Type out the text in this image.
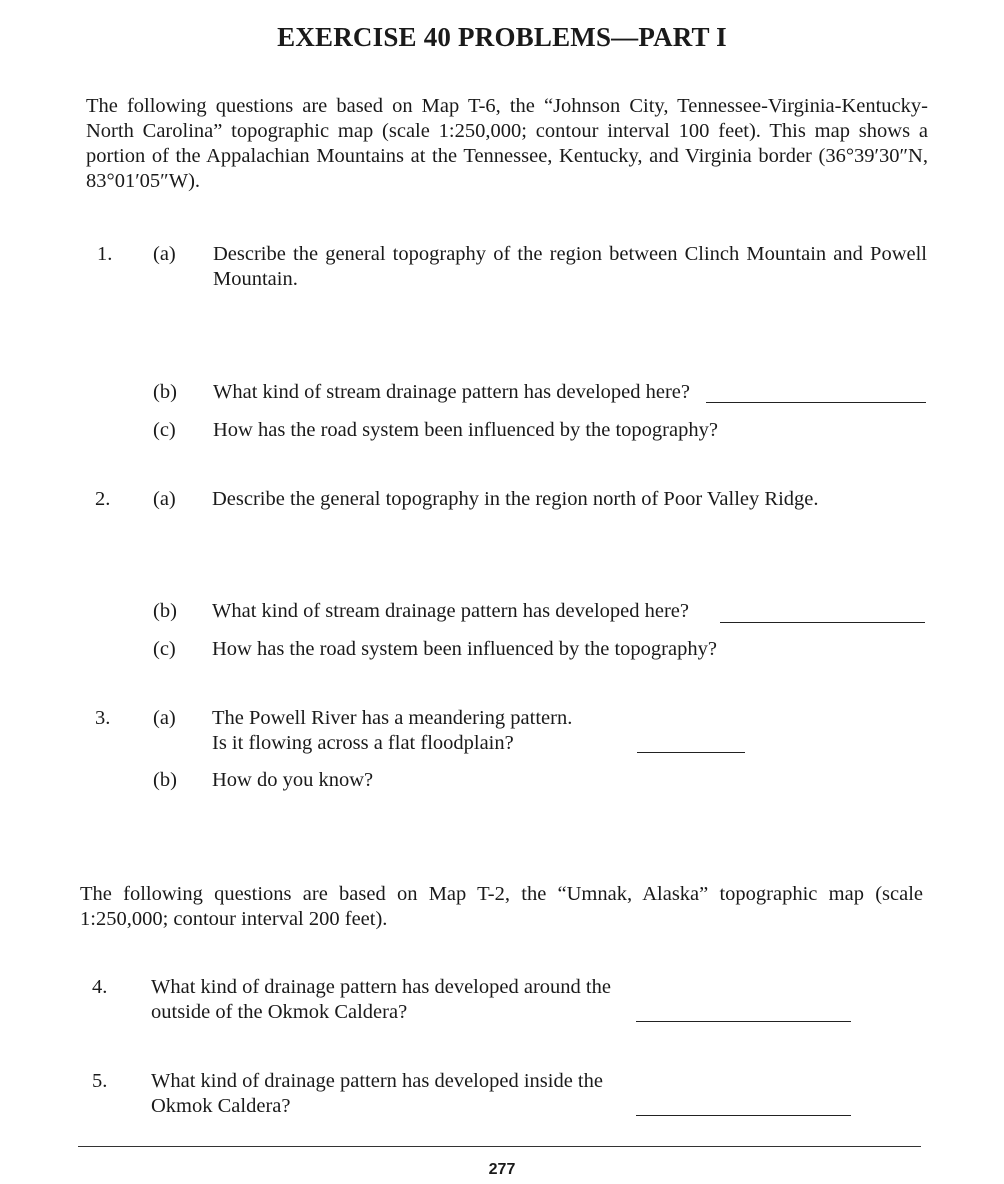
EXERCISE 40 PROBLEMS—PART I
The following questions are based on Map T-6, the “Johnson City, Tennessee-Virginia-Kentucky-North Carolina” topographic map (scale 1:250,000; contour interval 100 feet). This map shows a portion of the Appalachian Mountains at the Tennessee, Kentucky, and Virginia border (36°39′30″N, 83°01′05″W).
1. (a) Describe the general topography of the region between Clinch Mountain and Powell Mountain.
(b) What kind of stream drainage pattern has developed here?
(c) How has the road system been influenced by the topography?
2. (a) Describe the general topography in the region north of Poor Valley Ridge.
(b) What kind of stream drainage pattern has developed here?
(c) How has the road system been influenced by the topography?
3. (a) The Powell River has a meandering pattern.
Is it flowing across a flat floodplain?
(b) How do you know?
The following questions are based on Map T-2, the “Umnak, Alaska” topographic map (scale 1:250,000; contour interval 200 feet).
4. What kind of drainage pattern has developed around the
outside of the Okmok Caldera?
5. What kind of drainage pattern has developed inside the
Okmok Caldera?
277
